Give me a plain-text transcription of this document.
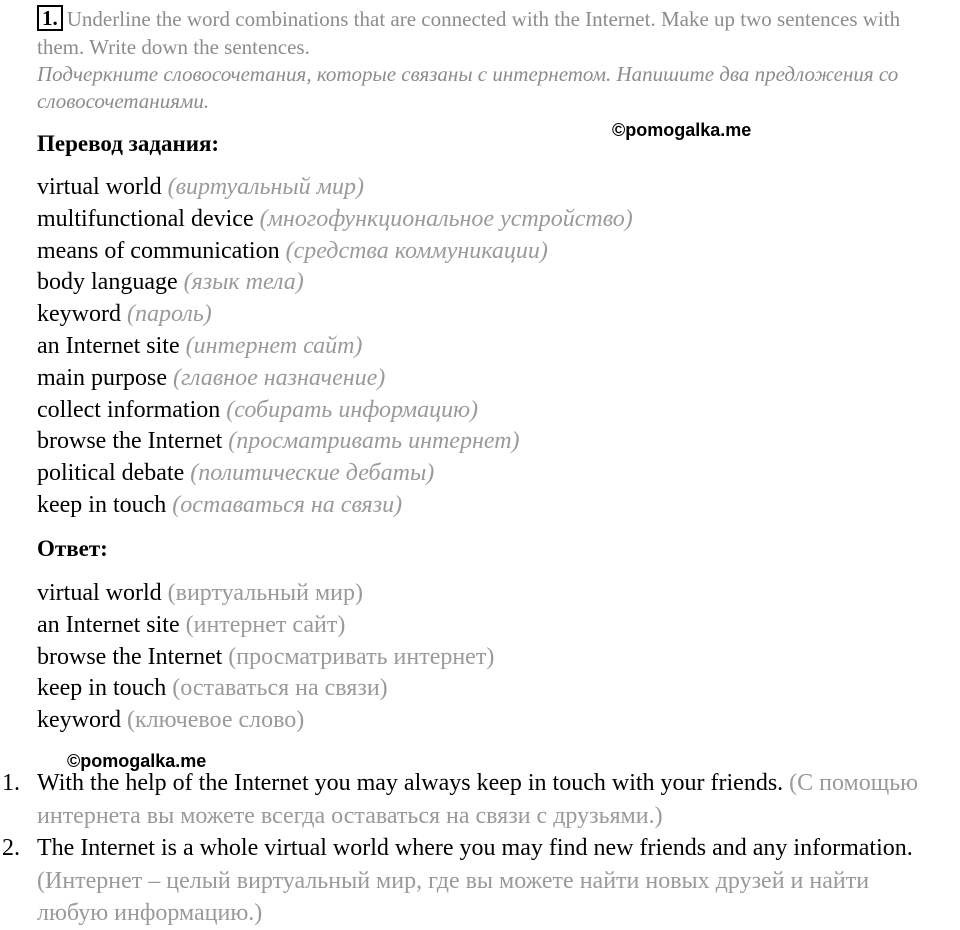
1. Underline the word combinations that are connected with the Internet. Make up two sentences with them. Write down the sentences.
Подчеркните словосочетания, которые связаны с интернетом. Напишите два предложения со словосочетаниями.
©pomogalka.me
Перевод задания:
virtual world (виртуальный мир)
multifunctional device (многофункциональное устройство)
means of communication (средства коммуникации)
body language (язык тела)
keyword (пароль)
an Internet site (интернет сайт)
main purpose (главное назначение)
collect information (собирать информацию)
browse the Internet (просматривать интернет)
political debate (политические дебаты)
keep in touch (оставаться на связи)
Ответ:
virtual world (виртуальный мир)
an Internet site (интернет сайт)
browse the Internet (просматривать интернет)
keep in touch (оставаться на связи)
keyword (ключевое слово)
©pomogalka.me
1. With the help of the Internet you may always keep in touch with your friends. (С помощью интернета вы можете всегда оставаться на связи с друзьями.)
2. The Internet is a whole virtual world where you may find new friends and any information. (Интернет – целый виртуальный мир, где вы можете найти новых друзей и найти любую информацию.)
